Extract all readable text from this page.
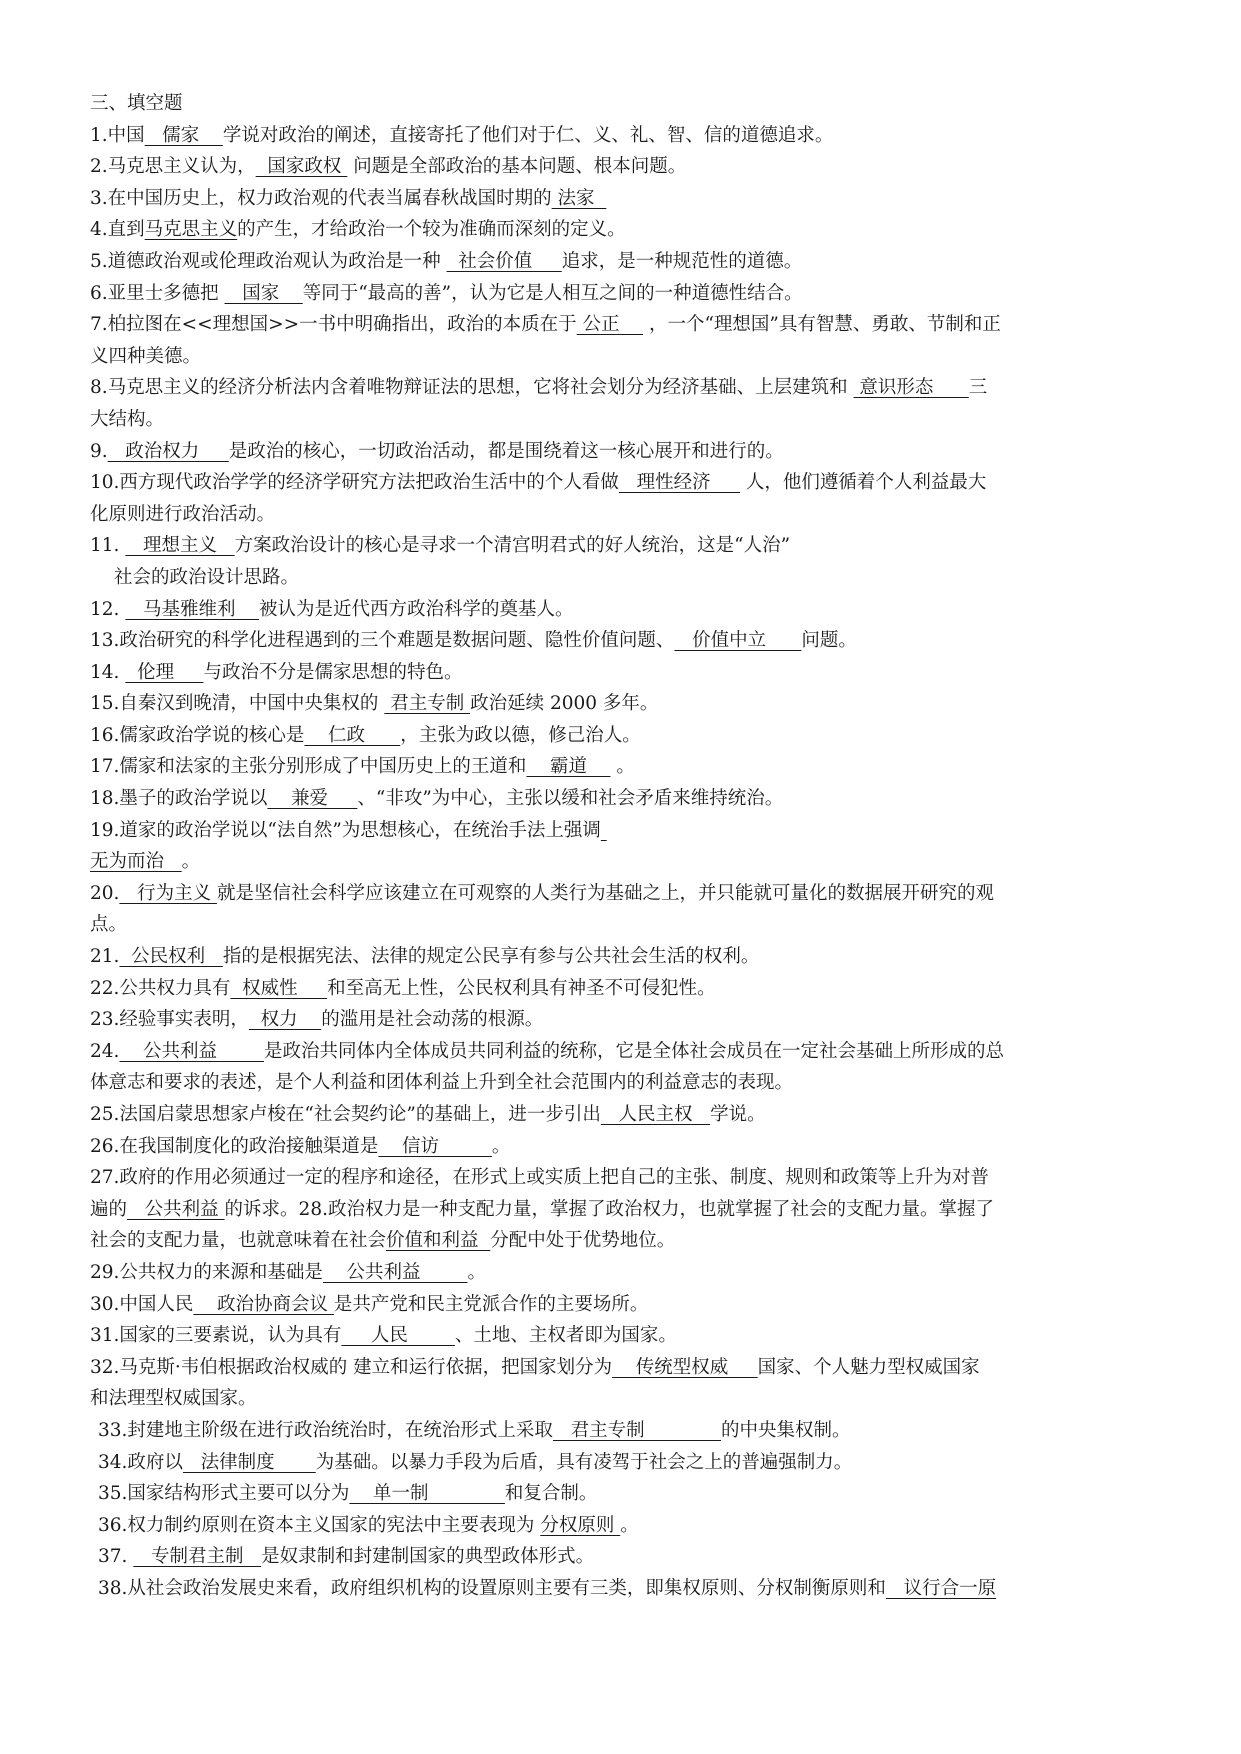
三、填空题
1.中国   儒家    学说对政治的阐述，直接寄托了他们对于仁、义、礼、智、信的道德追求。
2.马克思主义认为，  国家政权  问题是全部政治的基本问题、根本问题。
3.在中国历史上，权力政治观的代表当属春秋战国时期的 法家
4.直到马克思主义的产生，才给政治一个较为准确而深刻的定义。
5.道德政治观或伦理政治观认为政治是一种   社会价值     追求，是一种规范性的道德。
6.亚里士多德把    国家    等同于“最高的善”，认为它是人相互之间的一种道德性结合。
7.柏拉图在<<理想国>>一书中明确指出，政治的本质在于 公正     ，一个“理想国”具有智慧、勇敢、节制和正
义四种美德。
8.马克思主义的经济分析法内含着唯物辩证法的思想，它将社会划分为经济基础、上层建筑和  意识形态      三
大结构。
9.   政治权力     是政治的核心，一切政治活动，都是围绕着这一核心展开和进行的。
10.西方现代政治学学的经济学研究方法把政治生活中的个人看做   理性经济      人，他们遵循着个人利益最大
化原则进行政治活动。
11.    理想主义   方案政治设计的核心是寻求一个清宫明君式的好人统治，这是“人治”
社会的政治设计思路。
12.    马基雅维利    被认为是近代西方政治科学的奠基人。
13.政治研究的科学化进程遇到的三个难题是数据问题、隐性价值问题、   价值中立      问题。
14.   伦理     与政治不分是儒家思想的特色。
15.自秦汉到晚清，中国中央集权的  君主专制 政治延续 2000 多年。
16.儒家政治学说的核心是    仁政      ，主张为政以德，修己治人。
17.儒家和法家的主张分别形成了中国历史上的王道和    霸道     。
18.墨子的政治学说以    兼爱     、“非攻”为中心，主张以缓和社会矛盾来维持统治。
19.道家的政治学说以“法自然”为思想核心，在统治手法上强调
无为而治   。
20.   行为主义 就是坚信社会科学应该建立在可观察的人类行为基础之上，并只能就可量化的数据展开研究的观
点。
21.  公民权利   指的是根据宪法、法律的规定公民享有参与公共社会生活的权利。
22.公共权力具有  权威性     和至高无上性，公民权利具有神圣不可侵犯性。
23.经验事实表明，  权力    的滥用是社会动荡的根源。
24.    公共利益        是政治共同体内全体成员共同利益的统称，它是全体社会成员在一定社会基础上所形成的总
体意志和要求的表述，是个人利益和团体利益上升到全社会范围内的利益意志的表现。
25.法国启蒙思想家卢梭在“社会契约论”的基础上，进一步引出   人民主权   学说。
26.在我国制度化的政治接触渠道是    信访         。
27.政府的作用必须通过一定的程序和途径，在形式上或实质上把自己的主张、制度、规则和政策等上升为对普
遍的   公共利益 的诉求。28.政治权力是一种支配力量，掌握了政治权力，也就掌握了社会的支配力量。掌握了
社会的支配力量，也就意味着在社会价值和利益  分配中处于优势地位。
29.公共权力的来源和基础是    公共利益        。
30.中国人民    政治协商会议 是共产党和民主党派合作的主要场所。
31.国家的三要素说，认为具有     人民        、土地、主权者即为国家。
32.马克斯·韦伯根据政治权威的 建立和运行依据，把国家划分为    传统型权威     国家、个人魅力型权威国家
和法理型权威国家。
33.封建地主阶级在进行政治统治时，在统治形式上采取   君主专制             的中央集权制。
34.政府以   法律制度       为基础。以暴力手段为后盾，具有凌驾于社会之上的普遍强制力。
35.国家结构形式主要可以分为    单一制             和复合制。
36.权力制约原则在资本主义国家的宪法中主要表现为 分权原则 。
37.    专制君主制   是奴隶制和封建制国家的典型政体形式。
38.从社会政治发展史来看，政府组织机构的设置原则主要有三类，即集权原则、分权制衡原则和   议行合一原
